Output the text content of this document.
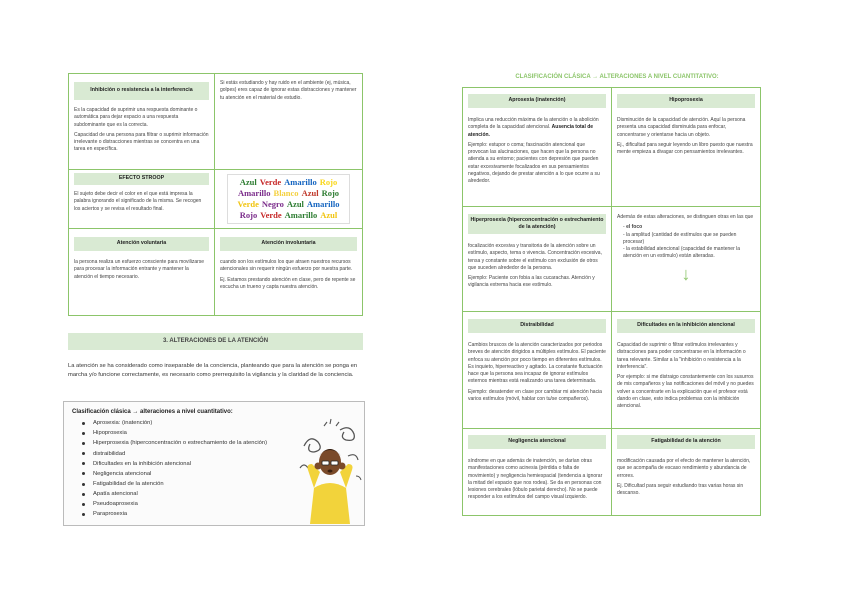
Inhibición o resistencia a la interferencia

Es la capacidad de suprimir una respuesta dominante o automática para dejar espacio a una respuesta subdominante que es la correcta.

Capacidad de una persona para filtrar o suprimir información irrelevante o distracciones mientras se concentra en una tarea en específica.

Si estás estudiando y hay ruido en el ambiente (ej, música, golpes) eres capaz de ignorar estas distracciones y mantener tu atención en el material de estudio.

EFECTO STROOP

El sujeto debe decir el color en el que está impresa la palabra ignorando el significado de la misma. Se recogen los aciertos y se revisa el resultado final.

Azul Verde Amarillo Rojo
Amarillo Blanco Azul Rojo
Verde Negro Azul Amarillo
Rojo Verde Amarillo Azul
Atención voluntaria

la persona realiza un esfuerzo consciente para movilizarse para procesar la información entrante y mantener la atención el tiempo necesario.

Atención involuntaria

cuando son los estímulos los que atraen nuestros recursos atencionales sin requerir ningún esfuerzo por nuestra parte.

Ej. Estamos prestando atención en clase, pero de repente se escucha un trueno y capta nuestra atención.

3. ALTERACIONES DE LA ATENCIÓN
La atención se ha considerado como inseparable de la conciencia, planteando que para la atención se ponga en marcha y/o funcione correctamente, es necesario como prerrequisito la vigilancia y la claridad de la conciencia.
Clasificación clásica → alteraciones a nivel cuantitativo:
Aprosexia: (inatención)
Hipoprosexia
Hiperprosexia (hiperconcentración o estrechamiento de la atención)
distraibilidad
Dificultades en la inhibición atencional
Negligencia atencional
Fatigabilidad de la atención
Apatía atencional
Pseudoaprosexia
Paraprosexia
CLASIFICACIÓN CLÁSICA → ALTERACIONES A NIVEL CUANTITATIVO:
Aprosexia (inatención)

Implica una reducción máxima de la atención o la abolición completa de la capacidad atencional. Ausencia total de atención.

Ejemplo: estupor o coma; fascinación atencional que provocan las alucinaciones, que hacen que la persona no atienda a su entorno; pacientes con depresión que pueden estar excesivamente focalizados en sus pensamientos negativos, dejando de prestar atención a lo que ocurre a su alrededor.

Hipoprosexia

Disminución de la capacidad de atención. Aquí la persona presenta una capacidad disminuida para enfocar, concentrarse y orientarse hacia un objeto.

Ej., dificultad para seguir leyendo un libro puesto que nuestra mente empieza a divagar con pensamientos irrelevantes.

Hiperprosexia (hiperconcentración o estrechamiento de la atención)

focalización excesiva y transitoria de la atención sobre un estímulo, aspecto, tema o vivencia. Concentración excesiva, tensa y constante sobre el estímulo con exclusión de otros que suceden alrededor de la persona.

Ejemplo: Paciente con fobia a las cucarachas. Atención y vigilancia extrema hacia ese estímulo.

Además de estas alteraciones, se distinguen otras en las que

- el foco
- la amplitud (cantidad de estímulos que se pueden procesar)
- la estabilidad atencional (capacidad de mantener la atención en un estímulo) están alteradas.
↓
Distraibilidad

Cambios bruscos de la atención caracterizados por periodos breves de atención dirigidos a múltiples estímulos. El paciente enfoca su atención por poco tiempo en diferentes estímulos. Es inquieto, hiperreactivo y agitado. La constante fluctuación hace que la persona sea incapaz de ignorar estímulos externos mientras está realizando una tarea determinada.

Ejemplo: desatender en clase por cambiar mi atención hacia varios estímulos (móvil, hablar con tu/se compañeros).

Dificultades en la inhibición atencional

Capacidad de suprimir o filtrar estímulos irrelevantes y distracciones para poder concentrarse en la información o tarea relevante. Similar a la "inhibición o resistencia a la interferencia".

Por ejemplo: si me distraigo constantemente con los susurros de mis compañeros y las notificaciones del móvil y no puedes volver a concentrarte en la explicación que el profesor está dando en clase, esto indica problemas con la inhibición atencional.

Negligencia atencional

síndrome en que además de inatención, se darían otras manifestaciones como acinesia (pérdida o falta de movimiento) y negligencia hemiespacial (tendencia a ignorar la mitad del espacio que nos rodea). Se da en personas con lesiones cerebrales (lóbulo parietal derecho). No se puede responder a los estímulos del campo visual izquierdo.

Fatigabilidad de la atención

modificación causada por el efecto de mantener la atención, que se acompaña de escaso rendimiento y abundancia de errores.

Ej. Dificultad para seguir estudiando tras varias horas sin descanso.
